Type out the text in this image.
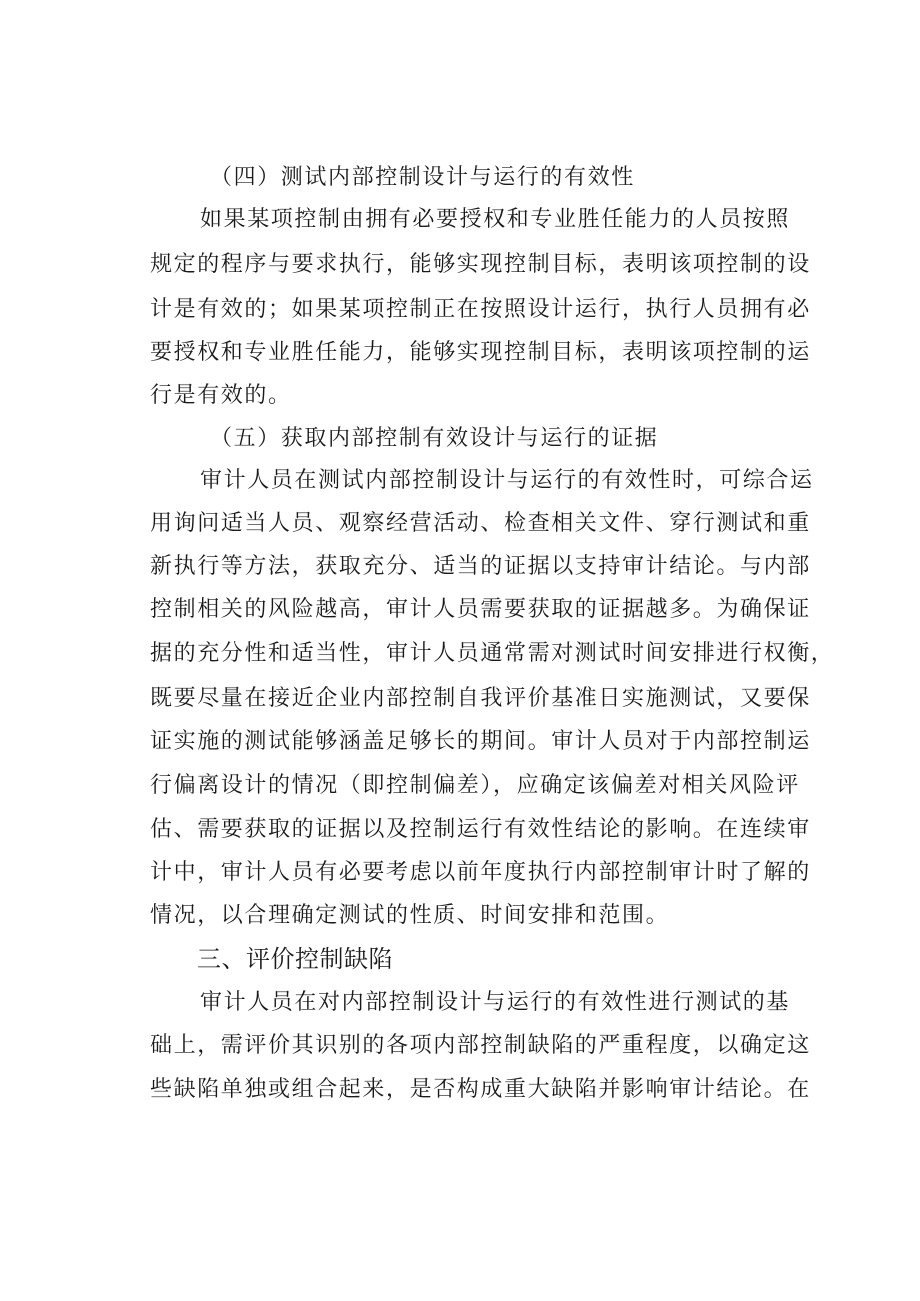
（四）测试内部控制设计与运行的有效性
如果某项控制由拥有必要授权和专业胜任能力的人员按照
规定的程序与要求执行，能够实现控制目标，表明该项控制的设
计是有效的；如果某项控制正在按照设计运行，执行人员拥有必
要授权和专业胜任能力，能够实现控制目标，表明该项控制的运
行是有效的。
（五）获取内部控制有效设计与运行的证据
审计人员在测试内部控制设计与运行的有效性时，可综合运
用询问适当人员、观察经营活动、检查相关文件、穿行测试和重
新执行等方法，获取充分、适当的证据以支持审计结论。与内部
控制相关的风险越高，审计人员需要获取的证据越多。为确保证
据的充分性和适当性，审计人员通常需对测试时间安排进行权衡，
既要尽量在接近企业内部控制自我评价基准日实施测试，又要保
证实施的测试能够涵盖足够长的期间。审计人员对于内部控制运
行偏离设计的情况（即控制偏差），应确定该偏差对相关风险评
估、需要获取的证据以及控制运行有效性结论的影响。在连续审
计中，审计人员有必要考虑以前年度执行内部控制审计时了解的
情况，以合理确定测试的性质、时间安排和范围。
三、评价控制缺陷
审计人员在对内部控制设计与运行的有效性进行测试的基
础上，需评价其识别的各项内部控制缺陷的严重程度，以确定这
些缺陷单独或组合起来，是否构成重大缺陷并影响审计结论。在
